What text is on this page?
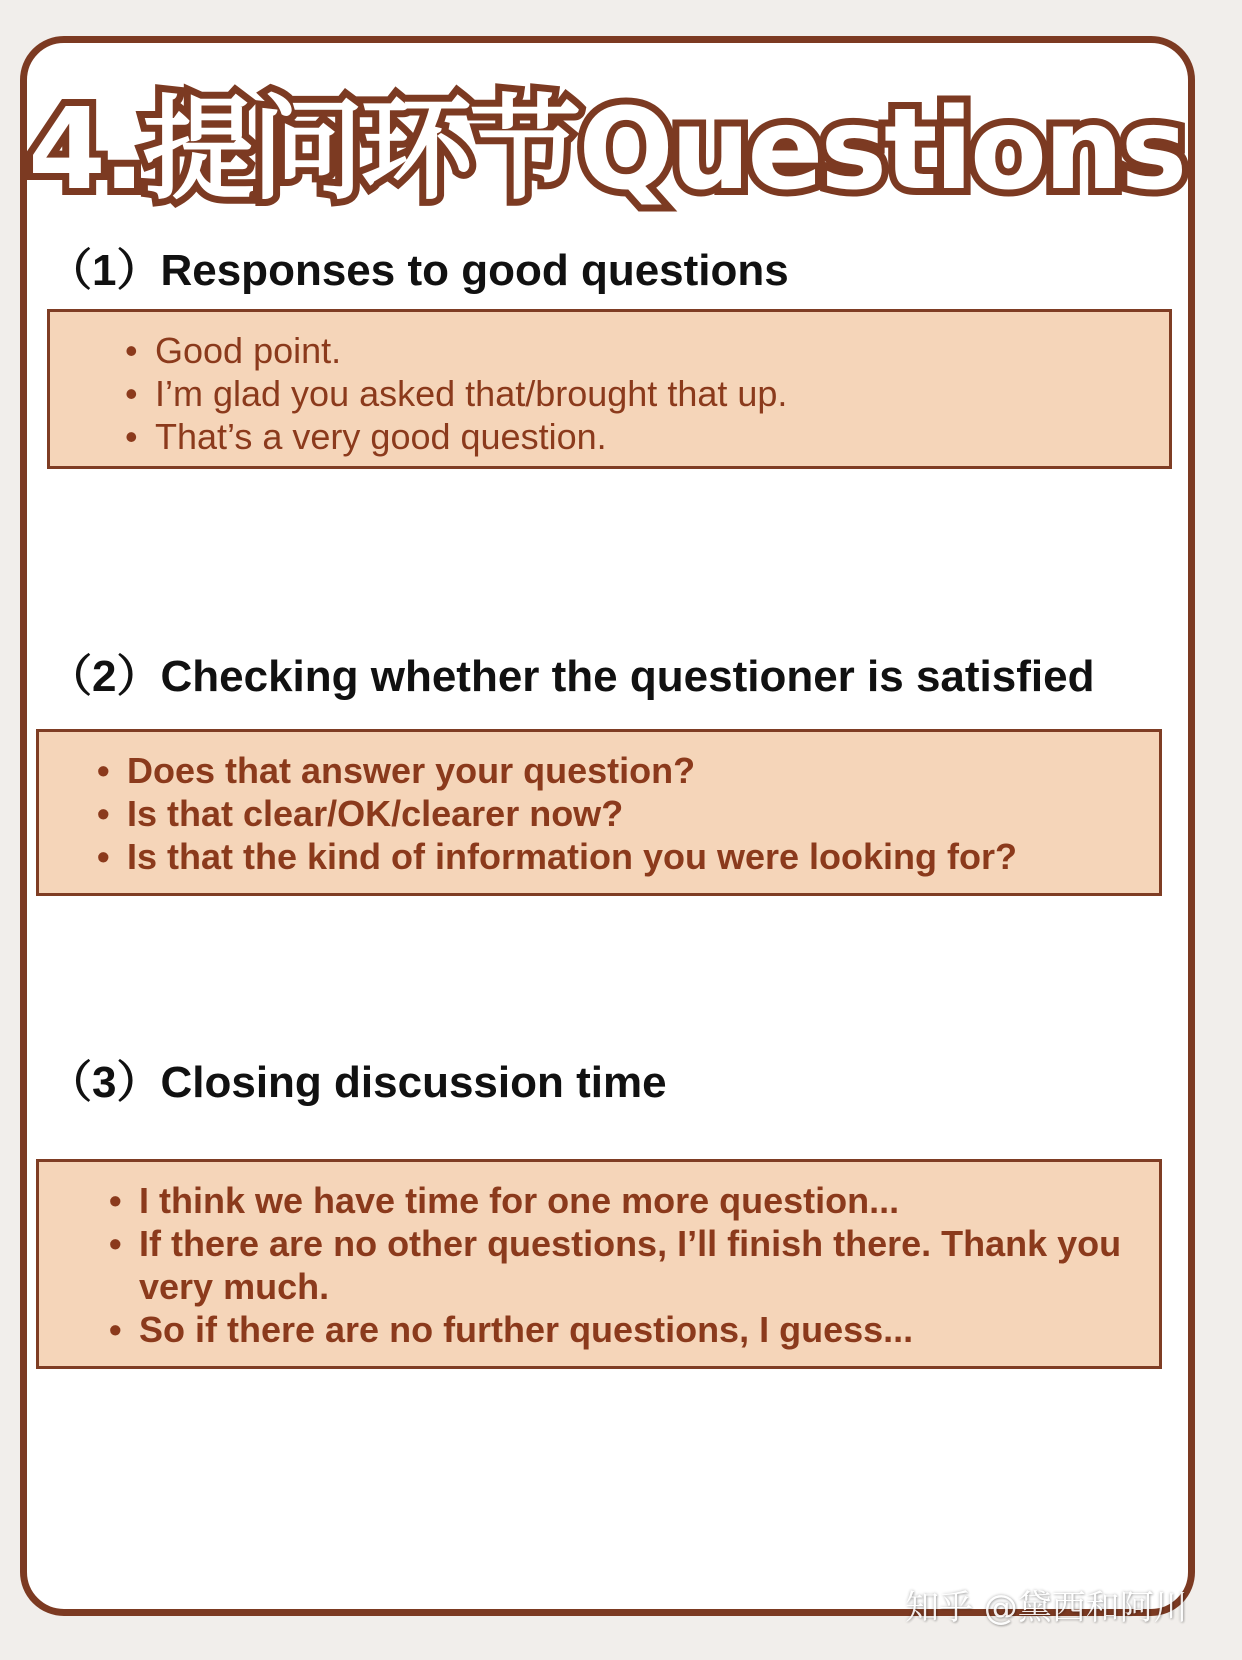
4.提问环节Questions
（1）Responses to good questions
• Good point.
• I’m glad you asked that/brought that up.
• That’s a very good question.
（2）Checking whether the questioner is satisfied
• Does that answer your question?
• Is that clear/OK/clearer now?
• Is that the kind of information you were looking for?
（3）Closing discussion time
• I think we have time for one more question...
• If there are no other questions, I’ll finish there. Thank you very much.
• So if there are no further questions, I guess...
知乎 @黛西和阿川
